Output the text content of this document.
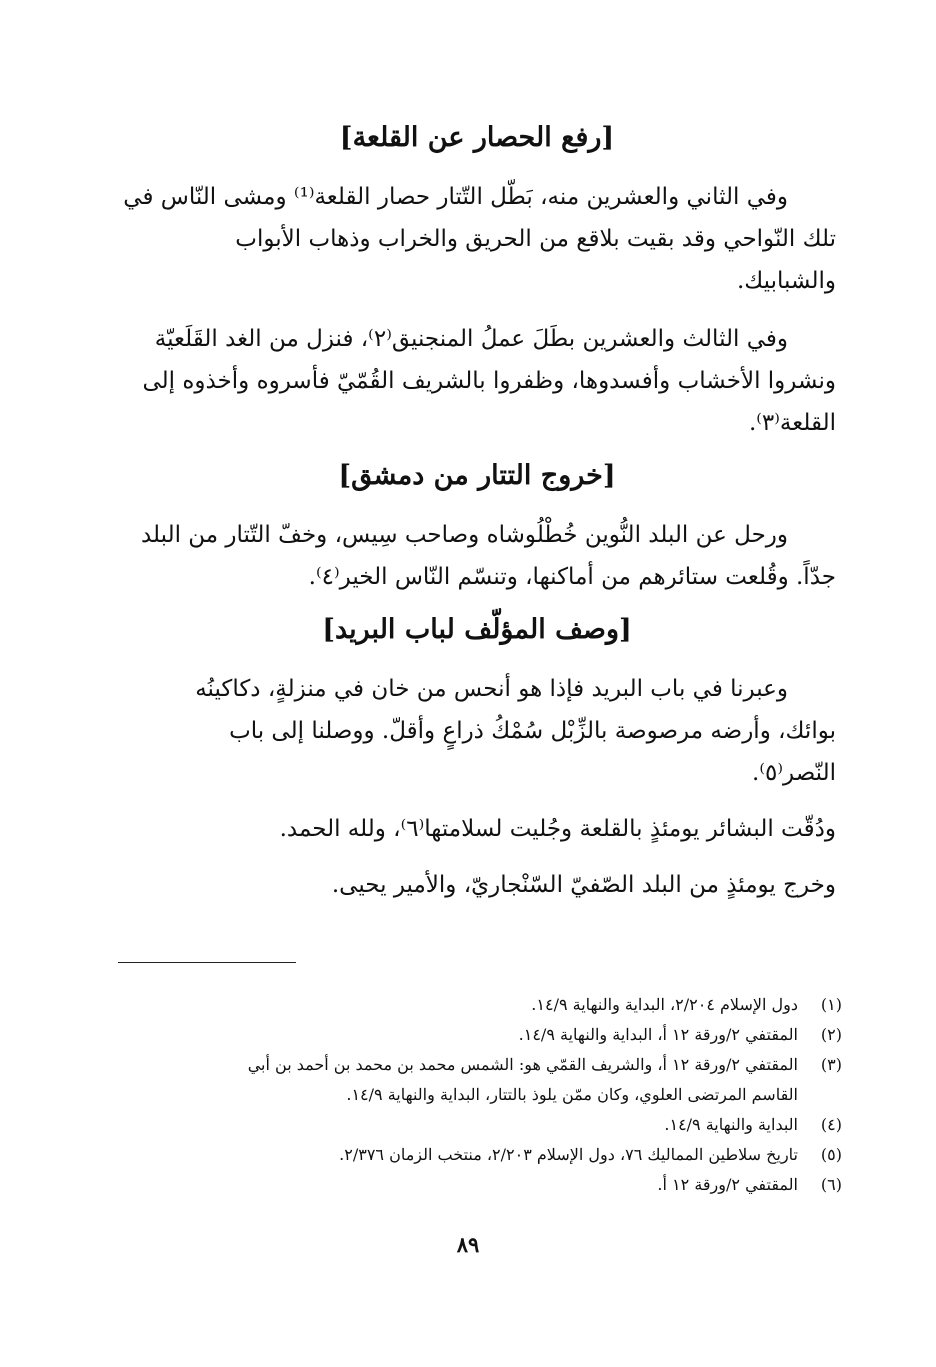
[رفع الحصار عن القلعة]
وفي الثاني والعشرين منه، بَطّل التّتار حصار القلعة⁽¹⁾ ومشى النّاس في
تلك النّواحي وقد بقيت بلاقع من الحريق والخراب وذهاب الأبواب
والشبابيك.
وفي الثالث والعشرين بطَلَ عملُ المنجنيق⁽٢⁾، فنزل من الغد القَلَعيّة
ونشروا الأخشاب وأفسدوها، وظفروا بالشريف القُمّيّ فأسروه وأخذوه إلى
القلعة⁽٣⁾.
[خروج التتار من دمشق]
ورحل عن البلد النُّوين خُطْلُوشاه وصاحب سِيس، وخفّ التّتار من البلد
جدّاً. وقُلعت ستائرهم من أماكنها، وتنسّم النّاس الخير⁽٤⁾.
[وصف المؤلّف لباب البريد]
وعبرنا في باب البريد فإذا هو أنحس من خان في منزلةٍ، دكاكينُه
بوائك، وأرضه مرصوصة بالزِّبْل سُمْكُ ذراعٍ وأقلّ. ووصلنا إلى باب
النّصر⁽٥⁾.
ودُقّت البشائر يومئذٍ بالقلعة وجُليت لسلامتها⁽٦⁾، ولله الحمد.
وخرج يومئذٍ من البلد الصّفيّ السّنْجاريّ، والأمير يحيى.
(١)
دول الإسلام ٢/٢٠٤، البداية والنهاية ١٤/٩.
(٢)
المقتفي ٢/ورقة ١٢ أ، البداية والنهاية ١٤/٩.
(٣)
المقتفي ٢/ورقة ١٢ أ، والشريف القمّي هو: الشمس محمد بن محمد بن أحمد بن أبي
القاسم المرتضى العلوي، وكان ممّن يلوذ بالتتار، البداية والنهاية ١٤/٩.
(٤)
البداية والنهاية ١٤/٩.
(٥)
تاريخ سلاطين المماليك ٧٦، دول الإسلام ٢/٢٠٣، منتخب الزمان ٢/٣٧٦.
(٦)
المقتفي ٢/ورقة ١٢ أ.
٨٩
